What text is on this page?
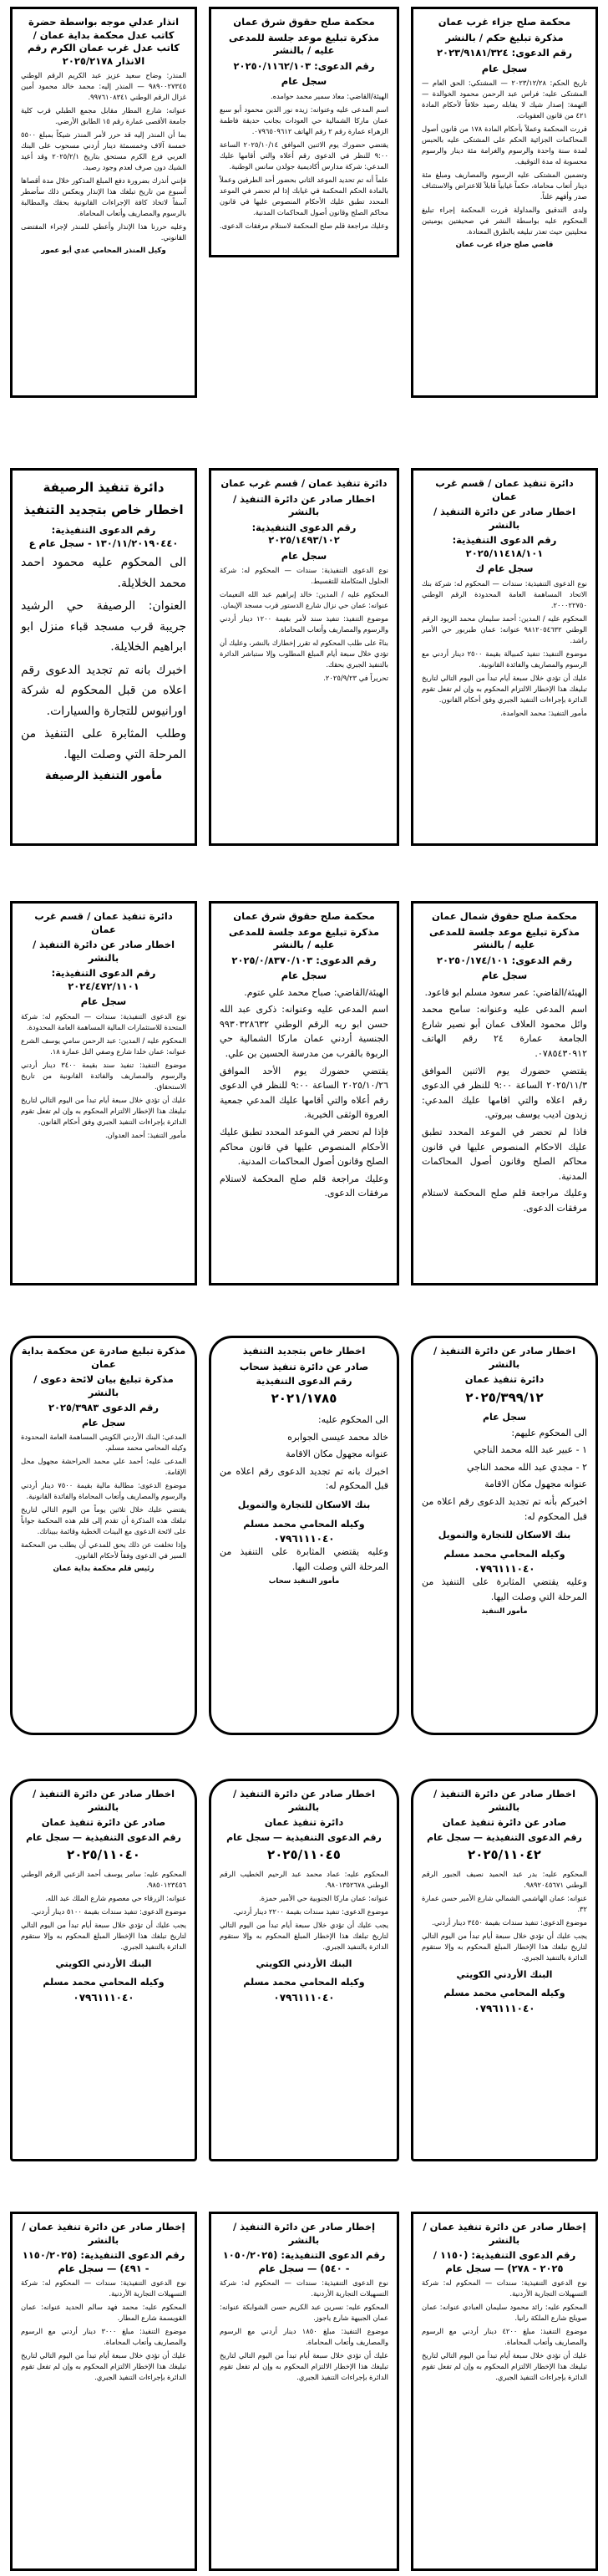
محكمة صلح جزاء غرب عمان
مذكرة تبليغ حكم / بالنشر
رقم الدعوى: ٢٠٢٣/٩١٨١/٣٢٤
سجل عام

تاريخ الحكم: ٢٠٢٣/١٢/٢٨ — المشتكي: الحق العام — المشتكى عليه: فراس عبد الرحمن محمود الخوالدة — التهمة: إصدار شيك لا يقابله رصيد خلافاً لأحكام المادة ٤٢١ من قانون العقوبات.

قررت المحكمة وعملاً بأحكام المادة ١٧٨ من قانون أصول المحاكمات الجزائية الحكم على المشتكى عليه بالحبس لمدة سنة واحدة والرسوم والغرامة مئة دينار والرسوم محسوبة له مدة التوقيف.

وتضمين المشتكى عليه الرسوم والمصاريف ومبلغ مئة دينار أتعاب محاماة، حكماً غيابياً قابلاً للاعتراض والاستئناف صدر وأفهم علناً.

ولدى التدقيق والمداولة قررت المحكمة إجراء تبليغ المحكوم عليه بواسطة النشر في صحيفتين يوميتين محليتين حيث تعذر تبليغه بالطرق المعتادة.

قاضي صلح جزاء غرب عمان
محكمة صلح حقوق شرق عمان
مذكرة تبليغ موعد جلسة للمدعى عليه / بالنشر
رقم الدعوى: ٢٠٢٥٠/١١٦٢/١٠٣
سجل عام

الهيئة/القاضي: معاذ سمير محمد حوامده.

اسم المدعى عليه وعنوانه: زيده نور الدين محمود أبو سبع عمان ماركا الشمالية حي العودات بجانب حديقة فاطمة الزهراء عمارة رقم ٢ رقم الهاتف ٠٧٩٦٥٠٩٦١٢.

يقتضي حضورك يوم الاثنين الموافق ٢٠٢٥/١٠/١٤ الساعة ٩:٠٠ للنظر في الدعوى رقم أعلاه والتي أقامها عليك المدعي: شركة مدارس أكاديمية جولدن سانس الوطنية.

علماً أنه تم تحديد الموعد الثاني بحضور أحد الطرفين وعملاً بالمادة الحكم المحكمة في غيابك إذا لم تحضر في الموعد المحدد تطبق عليك الأحكام المنصوص عليها في قانون محاكم الصلح وقانون أصول المحاكمات المدنية.

وعليك مراجعة قلم صلح المحكمة لاستلام مرفقات الدعوى.

انذار عدلي موجه بواسطة حضرة كاتب عدل محكمة بداية عمان / كاتب عدل غرب عمان الكرم رقم الانذار ٢٠٢٥/٢١٧٨

المنذر: وضاح سعيد عزيز عبد الكريم الرقم الوطني ٩٨٩٠٠٢٧٣٤٥ — المنذر إليه: محمد خالد محمود أمين غزال الرقم الوطني ٩٩٧٦١٠٨٣٤١.

عنوانه: شارع المطار مقابل مجمع الطبلي قرب كلية جامعة الأقصى عمارة رقم ١٥ الطابق الأرضي.

بما أن المنذر إليه قد حرر لأمر المنذر شيكاً بمبلغ ٥٥٠٠ خمسة آلاف وخمسمئة دينار أردني مسحوب على البنك العربي فرع الكرم مستحق بتاريخ ٢٠٢٥/٢/١ وقد أعيد الشيك دون صرف لعدم وجود رصيد.

فإنني أنذرك بضرورة دفع المبلغ المذكور خلال مدة أقصاها أسبوع من تاريخ تبلغك هذا الإنذار وبعكس ذلك سأضطر آسفاً لاتخاذ كافة الإجراءات القانونية بحقك والمطالبة بالرسوم والمصاريف وأتعاب المحاماة.

وعليه حررنا هذا الإنذار وأعطي للمنذر لإجراء المقتضى القانوني.

وكيل المنذر المحامي عدي أبو عمور
دائرة تنفيذ عمان / قسم غرب عمان
اخطار صادر عن دائرة التنفيذ / بالنشر
رقم الدعوى التنفيذية: ٢٠٢٥/١١٤١٨/١٠١
سجل عام ك

نوع الدعوى التنفيذية: سندات — المحكوم له: شركة بنك الاتحاد المساهمة العامة المحدودة الرقم الوطني ٢٠٠٠٢٢٧٥٠.

المحكوم عليه / المدين: أحمد سليمان محمد الزيود الرقم الوطني ٩٨١٢٠٥٤٦٣٢ عنوانه: عمان طبربور حي الأمير راشد.

موضوع التنفيذ: تنفيذ كمبيالة بقيمة ٢٥٠٠ دينار أردني مع الرسوم والمصاريف والفائدة القانونية.

عليك أن تؤدي خلال سبعة أيام تبدأ من اليوم التالي لتاريخ تبليغك هذا الإخطار الالتزام المحكوم به وإن لم تفعل تقوم الدائرة بإجراءات التنفيذ الجبري وفق أحكام القانون.

مأمور التنفيذ: محمد الحوامدة.

دائرة تنفيذ عمان / قسم غرب عمان
اخطار صادر عن دائرة التنفيذ / بالنشر
رقم الدعوى التنفيذية: ٢٠٢٥/١٤٩٣/١٠٢
سجل عام

نوع الدعوى التنفيذية: سندات — المحكوم له: شركة الحلول المتكاملة للتقسيط.

المحكوم عليه / المدين: خالد إبراهيم عبد الله النعيمات عنوانه: عمان حي نزال شارع الدستور قرب مسجد الإيمان.

موضوع التنفيذ: تنفيذ سند لأمر بقيمة ١٢٠٠ دينار أردني والرسوم والمصاريف وأتعاب المحاماة.

بناءً على طلب المحكوم له تقرر إخطارك بالنشر، وعليك أن تؤدي خلال سبعة أيام المبلغ المطلوب وإلا ستباشر الدائرة بالتنفيذ الجبري بحقك.

تحريراً في ٢٠٢٥/٩/٢٣.

دائرة تنفيذ الرصيفة
اخطار خاص بتجديد التنفيذ
رقم الدعوى التنفيذية: ١٣٠/١١/٢٠١٩٠٤٤٠ - سجل عام ع

الى المحكوم عليه محمود احمد محمد الخلايلة.

العنوان: الرصيفة حي الرشيد جريبة قرب مسجد قباء منزل ابو ابراهيم الخلايلة.

اخبرك بانه تم تجديد الدعوى رقم اعلاه من قبل المحكوم له شركة اورانيوس للتجارة والسيارات.

وطلب المثابرة على التنفيذ من المرحلة التي وصلت اليها.

مأمور التنفيذ الرصيفة
محكمة صلح حقوق شمال عمان
مذكرة تبليغ موعد جلسة للمدعى عليه / بالنشر
رقم الدعوى: ٢٠٢٥٠/١٧٤/١٠١
سجل عام

الهيئة/القاضي: عمر سعود مسلم ابو قاعود.

اسم المدعى عليه وعنوانه: سامح محمد وائل محمود العلاف عمان أبو نصير شارع الجامعة عمارة ٢٤ رقم الهاتف ٠٧٨٥٤٣٠٩١٢.

يقتضي حضورك يوم الاثنين الموافق ٢٠٢٥/١١/٣ الساعة ٩:٠٠ للنظر في الدعوى رقم اعلاه والتي اقامها عليك المدعي: زيدون اديب يوسف بيروتي.

فاذا لم تحضر في الموعد المحدد تطبق عليك الاحكام المنصوص عليها في قانون محاكم الصلح وقانون أصول المحاكمات المدنية.

وعليك مراجعة قلم صلح المحكمة لاستلام مرفقات الدعوى.

محكمة صلح حقوق شرق عمان
مذكرة تبليغ موعد جلسة للمدعى عليه / بالنشر
رقم الدعوى: ٢٠٢٥/٠/٨٣٧٠/١٠٣
سجل عام

الهيئة/القاضي: صباح محمد علي عتوم.

اسم المدعى عليه وعنوانه: ذكرى عبد الله حسن ابو ريه الرقم الوطني ٩٩٣٠٣٢٨٦٣٢ الجنسية أردني عمان ماركا الشمالية حي الربوة بالقرب من مدرسة الحسين بن علي.

يقتضي حضورك يوم الأحد الموافق ٢٠٢٥/١٠/٢٦ الساعة ٩:٠٠ للنظر في الدعوى رقم أعلاه والتي أقامها عليك المدعي جمعية العروة الوثقى الخيرية.

فإذا لم تحضر في الموعد المحدد تطبق عليك الأحكام المنصوص عليها في قانون محاكم الصلح وقانون أصول المحاكمات المدنية.

وعليك مراجعة قلم صلح المحكمة لاستلام مرفقات الدعوى.

دائرة تنفيذ عمان / قسم غرب عمان
اخطار صادر عن دائرة التنفيذ / بالنشر
رقم الدعوى التنفيذية: ٢٠٢٤/٤٧٢/١١٠١
سجل عام

نوع الدعوى التنفيذية: سندات — المحكوم له: شركة المتحدة للاستثمارات المالية المساهمة العامة المحدودة.

المحكوم عليه / المدين: عبد الرحمن سامي يوسف الشرع عنوانه: عمان خلدا شارع وصفي التل عمارة ١٨.

موضوع التنفيذ: تنفيذ سند بقيمة ٣٤٠٠ دينار أردني والرسوم والمصاريف والفائدة القانونية من تاريخ الاستحقاق.

عليك أن تؤدي خلال سبعة أيام تبدأ من اليوم التالي لتاريخ تبليغك هذا الإخطار الالتزام المحكوم به وإن لم تفعل تقوم الدائرة بإجراءات التنفيذ الجبري وفق أحكام القانون.

مأمور التنفيذ: أحمد العدوان.

اخطار صادر عن دائرة التنفيذ / بالنشر
دائرة تنفيذ عمان
٢٠٢٥/٣٩٩/١٢
سجل عام

الى المحكوم عليهم:

١ - عبير عبد الله محمد الناجي

٢ - مجدي عبد الله محمد الناجي

عنوانه مجهول مكان الاقامة

اخبركم بأنه تم تجديد الدعوى رقم اعلاه من قبل المحكوم له:

بنك الاسكان للتجارة والتمويل
وكيله المحامي محمد مسلم
٠٧٩٦١١١٠٤٠

وعليه يقتضي المثابرة على التنفيذ من المرحلة التي وصلت اليها.

مأمور التنفيذ
اخطار خاص بتجديد التنفيذ
صادر عن دائرة تنفيذ سحاب
رقم الدعوى التنفيذية
٢٠٢١/١٧٨٥

الى المحكوم عليه:

خالد محمد عيسى الجوابره

عنوانه مجهول مكان الاقامة

اخبرك بانه تم تجديد الدعوى رقم اعلاه من قبل المحكوم له:

بنك الاسكان للتجارة والتمويل
وكيله المحامي محمد مسلم
٠٧٩٦١١١٠٤٠

وعليه يقتضي المثابرة على التنفيذ من المرحلة التي وصلت اليها.

مأمور التنفيذ سحاب
مذكرة تبليغ صادرة عن محكمة بداية عمان
مذكرة تبليغ بيان لائحة دعوى / بالنشر
رقم الدعوى ٢٠٢٥/٣٩٨٣
سجل عام

المدعي: البنك الأردني الكويتي المساهمة العامة المحدودة وكيله المحامي محمد مسلم.

المدعى عليه: أحمد علي محمد الحراحشة مجهول محل الإقامة.

موضوع الدعوى: مطالبة مالية بقيمة ٧٥٠٠ دينار أردني والرسوم والمصاريف وأتعاب المحاماة والفائدة القانونية.

يقتضي عليك خلال ثلاثين يوماً من اليوم التالي لتاريخ تبلغك هذه المذكرة أن تقدم إلى قلم هذه المحكمة جواباً على لائحة الدعوى مع البينات الخطية وقائمة ببيناتك.

وإذا تخلفت عن ذلك يحق للمدعي أن يطلب من المحكمة السير في الدعوى وفقاً لأحكام القانون.

رئيس قلم محكمة بداية عمان
اخطار صادر عن دائرة التنفيذ / بالنشر
صادر عن دائرة تنفيذ عمان
رقم الدعوى التنفيذية — سجل عام
٢٠٢٥/١١٠٤٢

المحكوم عليه: بدر عبد الحميد نصيف الجبور الرقم الوطني ٩٨٩٢٠٤٥٦٧١.

عنوانه: عمان الهاشمي الشمالي شارع الأمير حسن عمارة ٣٢.

موضوع الدعوى: تنفيذ سندات بقيمة ٣٤٥٠ دينار أردني.

يجب عليك أن تؤدي خلال سبعة أيام تبدأ من اليوم التالي لتاريخ تبلغك هذا الإخطار المبلغ المحكوم به وإلا ستقوم الدائرة بالتنفيذ الجبري.

البنك الأردني الكويتي
وكيله المحامي محمد مسلم
٠٧٩٦١١١٠٤٠
اخطار صادر عن دائرة التنفيذ / بالنشر
دائرة تنفيذ عمان
رقم الدعوى التنفيذية — سجل عام
٢٠٢٥/١١٠٤٥

المحكوم عليه: عماد محمد عبد الرحيم الخطيب الرقم الوطني ٩٨٠١٣٥٢٦٧٨.

عنوانه: عمان ماركا الجنوبية حي الأمير حمزة.

موضوع الدعوى: تنفيذ سندات بقيمة ٢٢٠٠ دينار أردني.

يجب عليك أن تؤدي خلال سبعة أيام تبدأ من اليوم التالي لتاريخ تبلغك هذا الإخطار المبلغ المحكوم به وإلا ستقوم الدائرة بالتنفيذ الجبري.

البنك الأردني الكويتي
وكيله المحامي محمد مسلم
٠٧٩٦١١١٠٤٠
اخطار صادر عن دائرة التنفيذ / بالنشر
صادر عن دائرة تنفيذ عمان
رقم الدعوى التنفيذية — سجل عام
٢٠٢٥/١١٠٤٠

المحكوم عليه: سامر يوسف أحمد الزعبي الرقم الوطني ٩٨٥٠١٢٣٤٥٦.

عنوانه: الزرقاء حي معصوم شارع الملك عبد الله.

موضوع الدعوى: تنفيذ سندات بقيمة ٥١٠٠ دينار أردني.

يجب عليك أن تؤدي خلال سبعة أيام تبدأ من اليوم التالي لتاريخ تبلغك هذا الإخطار المبلغ المحكوم به وإلا ستقوم الدائرة بالتنفيذ الجبري.

البنك الأردني الكويتي
وكيله المحامي محمد مسلم
٠٧٩٦١١١٠٤٠
إخطار صادر عن دائرة تنفيذ عمان / بالنشر
رقم الدعوى التنفيذية: (١١٥٠ / ٢٠٢٥ - ٢٧٨) — سجل عام

نوع الدعوى التنفيذية: سندات — المحكوم له: شركة التسهيلات التجارية الأردنية.

المحكوم عليه: رائد محمود سليمان العبادي عنوانه: عمان صويلح شارع الملكة رانيا.

موضوع التنفيذ: مبلغ ٤٢٠٠ دينار أردني مع الرسوم والمصاريف وأتعاب المحاماة.

عليك أن تؤدي خلال سبعة أيام تبدأ من اليوم التالي لتاريخ تبليغك هذا الإخطار الالتزام المحكوم به وإن لم تفعل تقوم الدائرة بإجراءات التنفيذ الجبري.

إخطار صادر عن دائرة التنفيذ / بالنشر
رقم الدعوى التنفيذية: (١٠٥٠/٢٠٢٥ - ٥٤٠) — سجل عام

نوع الدعوى التنفيذية: سندات — المحكوم له: شركة التسهيلات التجارية الأردنية.

المحكوم عليه: نسرين عبد الكريم حسن الشوابكة عنوانه: عمان الجبيهة شارع ياجوز.

موضوع التنفيذ: مبلغ ١٨٥٠ دينار أردني مع الرسوم والمصاريف وأتعاب المحاماة.

عليك أن تؤدي خلال سبعة أيام تبدأ من اليوم التالي لتاريخ تبليغك هذا الإخطار الالتزام المحكوم به وإن لم تفعل تقوم الدائرة بإجراءات التنفيذ الجبري.

إخطار صادر عن دائرة تنفيذ عمان / بالنشر
رقم الدعوى التنفيذية: (١١٥٠/٢٠٢٥ - ٤٩١) — سجل عام

نوع الدعوى التنفيذية: سندات — المحكوم له: شركة التسهيلات التجارية الأردنية.

المحكوم عليه: محمد فهد سالم الحديد عنوانه: عمان القويسمة شارع المطار.

موضوع التنفيذ: مبلغ ٣٠٠٠ دينار أردني مع الرسوم والمصاريف وأتعاب المحاماة.

عليك أن تؤدي خلال سبعة أيام تبدأ من اليوم التالي لتاريخ تبليغك هذا الإخطار الالتزام المحكوم به وإن لم تفعل تقوم الدائرة بإجراءات التنفيذ الجبري.
